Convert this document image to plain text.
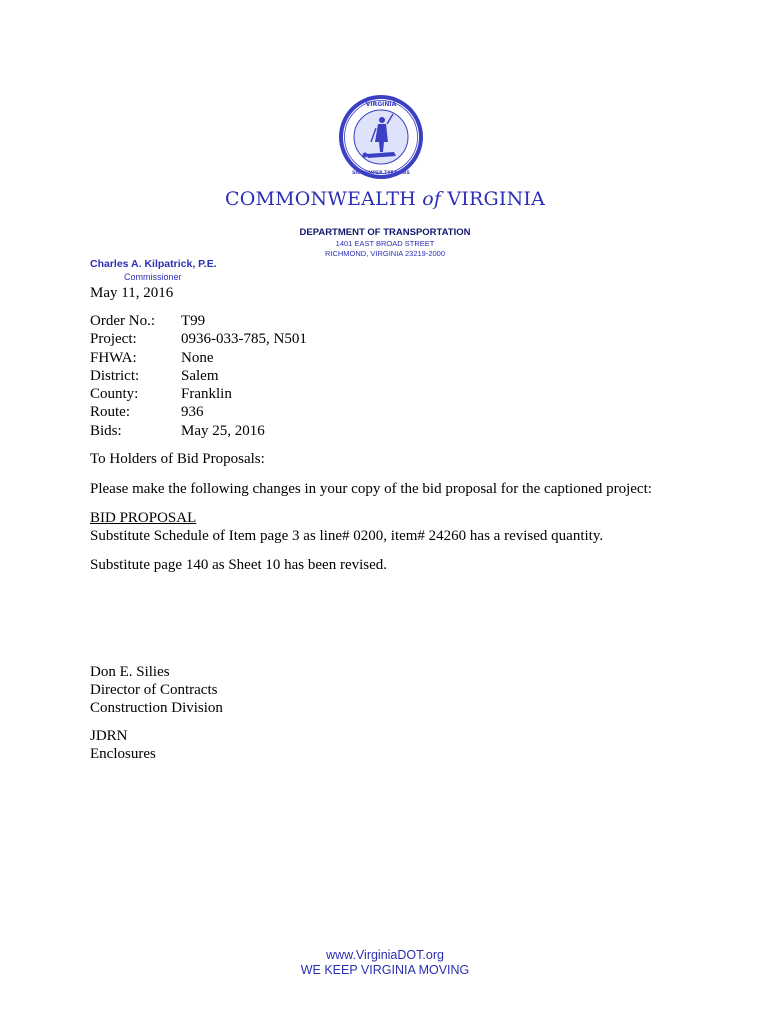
VIRGINIA
SIC SEMPER TYRANNIS
COMMONWEALTH of VIRGINIA
DEPARTMENT OF TRANSPORTATION
1401 EAST BROAD STREET
RICHMOND, VIRGINIA 23219-2000
Charles A. Kilpatrick, P.E.
Commissioner
May 11, 2016
Order No.:	T99
Project:	0936-033-785, N501
FHWA:	None
District:	Salem
County:	Franklin
Route:	936
Bids:	May 25, 2016
To Holders of Bid Proposals:
Please make the following changes in your copy of the bid proposal for the captioned project:
BID PROPOSAL
Substitute Schedule of Item page 3 as line# 0200, item# 24260 has a revised quantity.
Substitute page 140 as Sheet 10 has been revised.
Don E. Silies
Director of Contracts
Construction Division
JDRN
Enclosures
www.VirginiaDOT.org
WE KEEP VIRGINIA MOVING
